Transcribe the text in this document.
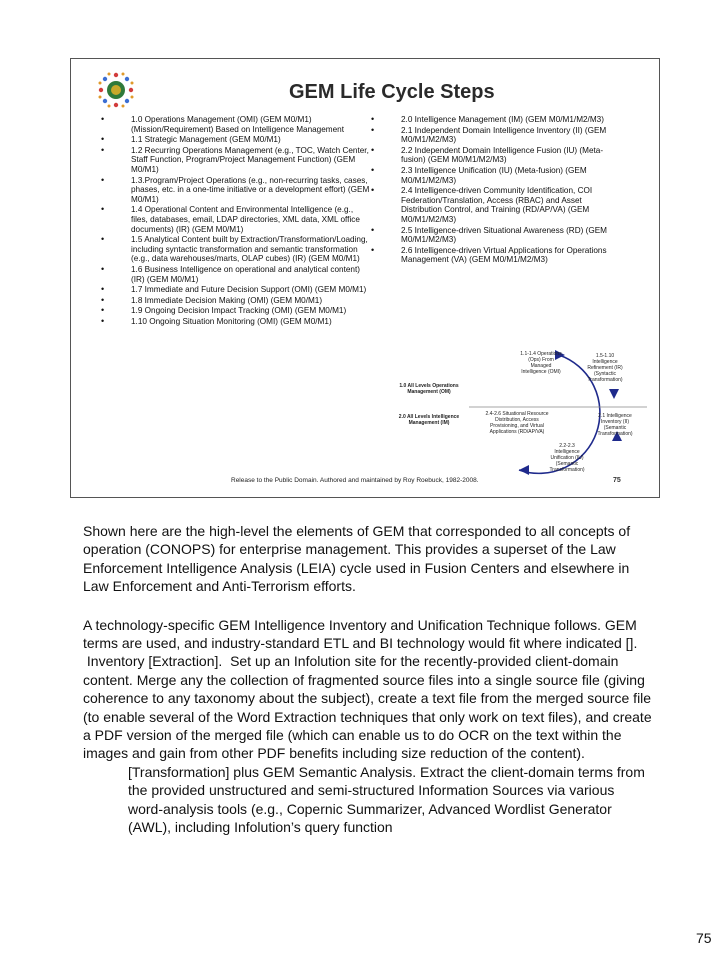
GEM Life Cycle Steps
•	1.0 Operations Management (OMI) (GEM M0/M1) (Mission/Requirement) Based on Intelligence Management
•	1.1 Strategic Management (GEM M0/M1)
•	1.2 Recurring Operations Management (e.g., TOC, Watch Center, Staff Function, Program/Project Management Function) (GEM M0/M1)
•	1.3.Program/Project Operations (e.g., non-recurring tasks, cases, phases, etc. in a one-time initiative or a development effort) (GEM M0/M1)
•	1.4 Operational Content and Environmental Intelligence (e.g., files, databases, email, LDAP directories, XML data, XML office documents) (IR) (GEM M0/M1)
•	1.5 Analytical Content built by Extraction/Transformation/Loading, including syntactic transformation and semantic transformation (e.g., data warehouses/marts, OLAP cubes) (IR) (GEM M0/M1)
•	1.6 Business Intelligence on operational and analytical content) (IR) (GEM M0/M1)
•	1.7 Immediate and Future Decision Support (OMI) (GEM M0/M1)
•	1.8 Immediate Decision Making (OMI) (GEM M0/M1)
•	1.9 Ongoing Decision Impact Tracking (OMI) (GEM M0/M1)
•	1.10 Ongoing Situation Monitoring (OMI) (GEM M0/M1)
•	2.0 Intelligence Management (IM) (GEM M0/M1/M2/M3)
•	2.1 Independent Domain Intelligence Inventory (II) (GEM M0/M1/M2/M3)
•	2.2 Independent Domain Intelligence Fusion (IU) (Meta-fusion) (GEM M0/M1/M2/M3)
•	2.3 Intelligence Unification (IU) (Meta-fusion) (GEM M0/M1/M2/M3)
•	2.4 Intelligence-driven Community Identification, COI Federation/Translation, Access (RBAC) and Asset Distribution Control, and Training (RD/AP/VA) (GEM M0/M1/M2/M3)
•	2.5 Intelligence-driven Situational Awareness (RD) (GEM M0/M1/M2/M3)
•	2.6 Intelligence-driven Virtual Applications for Operations Management (VA) (GEM M0/M1/M2/M3)
1.1-1.4 Operations (Ops) From Managed Intelligence (OMI)
1.5-1.10 Intelligence Refinement (IR) (Syntactic Transformation)
2.1 Intelligence Inventory (II) (Semantic Transformation)
2.2-2.3 Intelligence Unification (IU) (Semantic Transformation)
2.4-2.6 Situational Resource Distribution, Access Provisioning, and Virtual Applications (RD/AP/VA)
1.0 All Levels Operations Management (OM)
2.0 All Levels Intelligence Management (IM)
Release to the Public Domain. Authored and maintained by Roy Roebuck, 1982-2008.	75

Shown here are the high-level the elements of GEM that corresponded to all concepts of operation (CONOPS) for enterprise management. This provides a superset of the Law Enforcement Intelligence Analysis (LEIA) cycle used in Fusion Centers and elsewhere in Law Enforcement and Anti-Terrorism efforts.

A technology-specific GEM Intelligence Inventory and Unification Technique follows. GEM terms are used, and industry-standard ETL and BI technology would fit where indicated [].

Inventory [Extraction].  Set up an Infolution site for the recently-provided client-domain content. Merge any the collection of fragmented source files into a single source file (giving coherence to any taxonomy about the subject), create a text file from the merged source file (to enable several of the Word Extraction techniques that only work on text files), and create a PDF version of the merged file (which can enable us to do OCR on the text within the images and gain from other PDF benefits including size reduction of the content).

[Transformation] plus GEM Semantic Analysis. Extract the client-domain terms from the provided unstructured and semi-structured Information Sources via various word-analysis tools (e.g., Copernic Summarizer, Advanced Wordlist Generator (AWL), including Infolution’s query function

75
